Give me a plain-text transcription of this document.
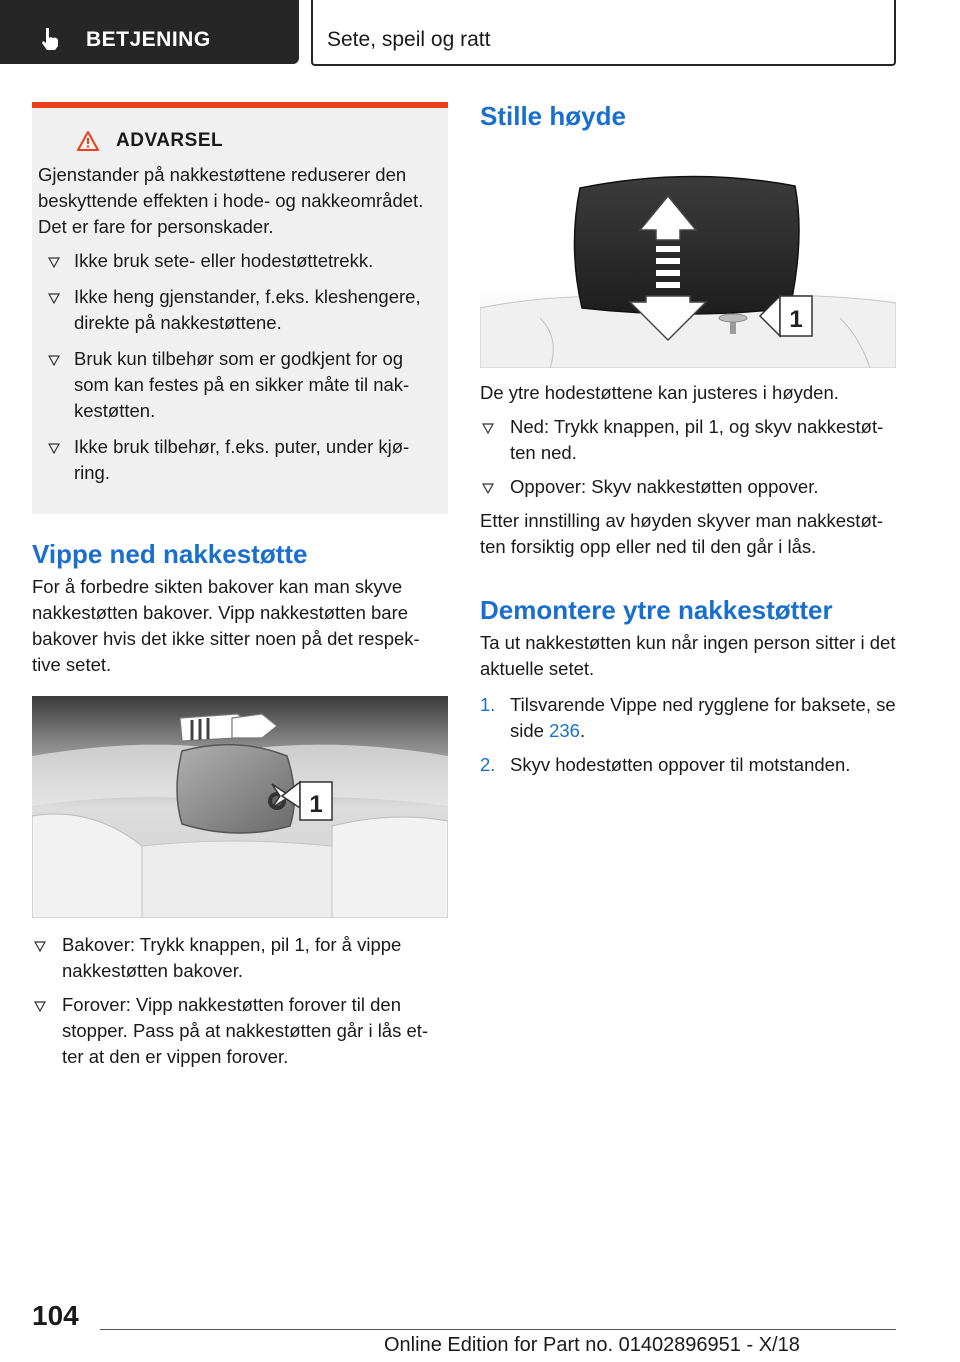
BETJENING	Sete, speil og ratt
ADVARSEL

Gjenstander på nakkestøttene reduserer den beskyttende effekten i hode- og nakkeområdet. Det er fare for personskader.

Ikke bruk sete- eller hodestøttetrekk.
Ikke heng gjenstander, f.eks. kleshengere, direkte på nakkestøttene.
Bruk kun tilbehør som er godkjent for og som kan festes på en sikker måte til nak-kestøtten.
Ikke bruk tilbehør, f.eks. puter, under kjø-ring.
Vippe ned nakkestøtte

For å forbedre sikten bakover kan man skyve nakkestøtten bakover. Vipp nakkestøtten bare bakover hvis det ikke sitter noen på det respek-tive setet.

1
Bakover: Trykk knappen, pil 1, for å vippe nakkestøtten bakover.
Forover: Vipp nakkestøtten forover til den stopper. Pass på at nakkestøtten går i lås et-ter at den er vippen forover.
Stille høyde
1

De ytre hodestøttene kan justeres i høyden.

Ned: Trykk knappen, pil 1, og skyv nakkestøt-ten ned.
Oppover: Skyv nakkestøtten oppover.

Etter innstilling av høyden skyver man nakkestøt-ten forsiktig opp eller ned til den går i lås.

Demontere ytre nakkestøtter

Ta ut nakkestøtten kun når ingen person sitter i det aktuelle setet.

1. Tilsvarende Vippe ned rygglene for baksete, se side 236.
2. Skyv hodestøtten oppover til motstanden.
104
Online Edition for Part no. 01402896951 - X/18
